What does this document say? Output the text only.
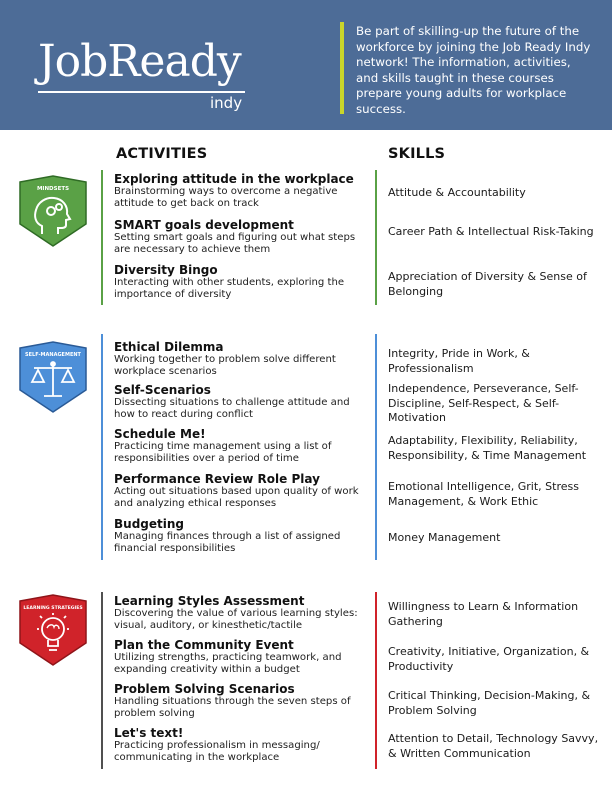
JobReady
indy
Be part of skilling-up the future of the workforce by joining the Job Ready Indy network! The information, activities, and skills taught in these courses prepare young adults for workplace success.
ACTIVITIES	SKILLS
MINDSETS
Exploring attitude in the workplace
Brainstorming ways to overcome a negative attitude to get back on track
SMART goals development
Setting smart goals and figuring out what steps are necessary to achieve them
Diversity Bingo
Interacting with other students, exploring the importance of diversity
Attitude & Accountability
Career Path & Intellectual Risk-Taking
Appreciation of Diversity & Sense of Belonging
SELF-MANAGEMENT
Ethical Dilemma
Working together to problem solve different workplace scenarios
Self-Scenarios
Dissecting situations to challenge attitude and how to react during conflict
Schedule Me!
Practicing time management using a list of responsibilities over a period of time
Performance Review Role Play
Acting out situations based upon quality of work and analyzing ethical responses
Budgeting
Managing finances through a list of assigned financial responsibilities
Integrity, Pride in Work, & Professionalism
Independence, Perseverance, Self-Discipline, Self-Respect, & Self-Motivation
Adaptability, Flexibility, Reliability, Responsibility, & Time Management
Emotional Intelligence, Grit, Stress Management, & Work Ethic
Money Management
LEARNING STRATEGIES
Learning Styles Assessment
Discovering the value of various learning styles: visual, auditory, or kinesthetic/tactile
Plan the Community Event
Utilizing strengths, practicing teamwork, and expanding creativity within a budget
Problem Solving Scenarios
Handling situations through the seven steps of problem solving
Let's text!
Practicing professionalism in messaging/ communicating in the workplace
Willingness to Learn & Information Gathering
Creativity, Initiative, Organization, & Productivity
Critical Thinking, Decision-Making, & Problem Solving
Attention to Detail, Technology Savvy, & Written Communication
